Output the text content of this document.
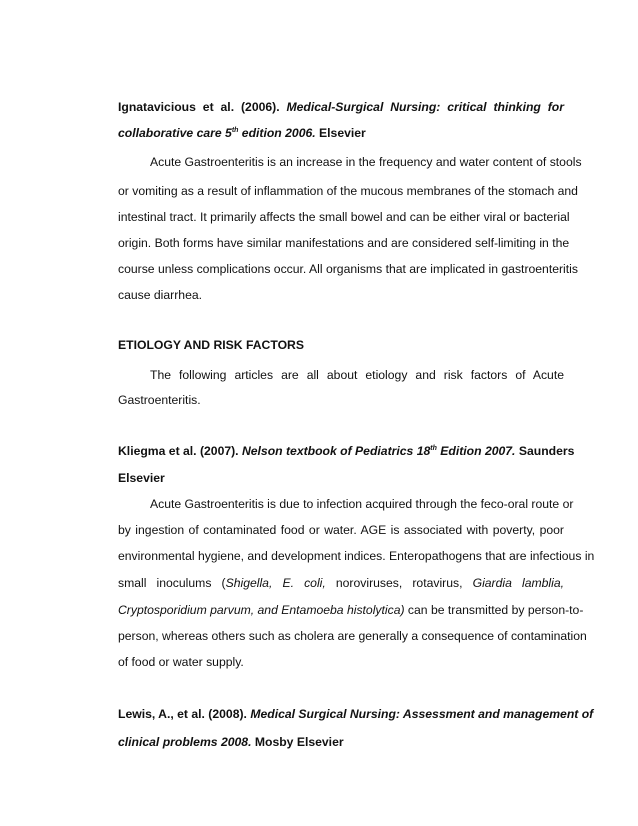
Ignatavicious et al. (2006). Medical-Surgical Nursing: critical thinking for
collaborative care 5th edition 2006. Elsevier
Acute Gastroenteritis is an increase in the frequency and water content of stools
or vomiting as a result of inflammation of the mucous membranes of the stomach and
intestinal tract. It primarily affects the small bowel and can be either viral or bacterial
origin. Both forms have similar manifestations and are considered self-limiting in the
course unless complications occur. All organisms that are implicated in gastroenteritis
cause diarrhea.
ETIOLOGY AND RISK FACTORS
The following articles are all about etiology and risk factors of Acute
Gastroenteritis.
Kliegma et al. (2007). Nelson textbook of Pediatrics 18th Edition 2007. Saunders
Elsevier
Acute Gastroenteritis is due to infection acquired through the feco-oral route or
by ingestion of contaminated food or water. AGE is associated with poverty, poor
environmental hygiene, and development indices. Enteropathogens that are infectious in
small inoculums (Shigella, E. coli, noroviruses, rotavirus, Giardia lamblia,
Cryptosporidium parvum, and Entamoeba histolytica) can be transmitted by person-to-
person, whereas others such as cholera are generally a consequence of contamination
of food or water supply.
Lewis, A., et al. (2008). Medical Surgical Nursing: Assessment and management of
clinical problems 2008. Mosby Elsevier
